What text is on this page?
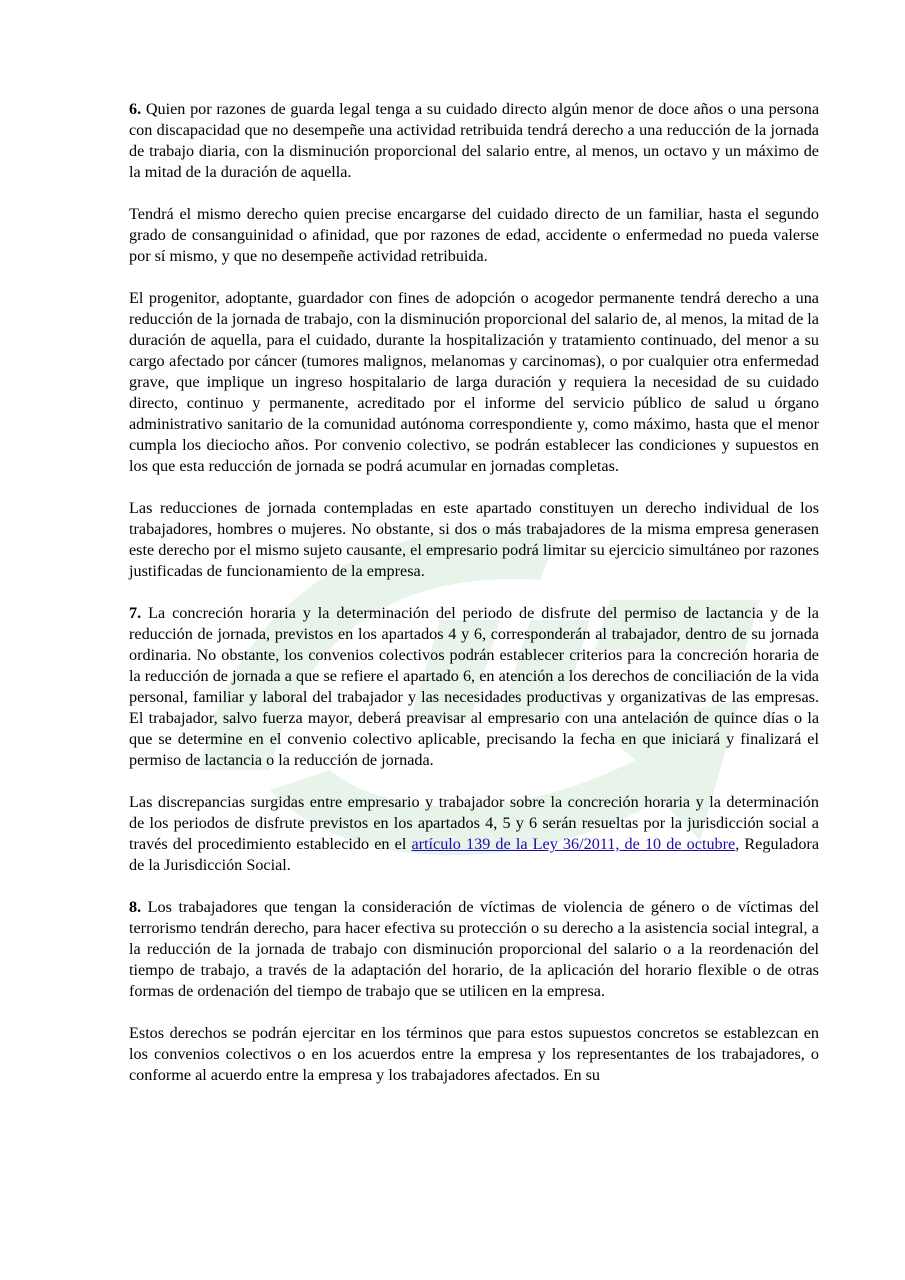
6. Quien por razones de guarda legal tenga a su cuidado directo algún menor de doce años o una persona con discapacidad que no desempeñe una actividad retribuida tendrá derecho a una reducción de la jornada de trabajo diaria, con la disminución proporcional del salario entre, al menos, un octavo y un máximo de la mitad de la duración de aquella.

Tendrá el mismo derecho quien precise encargarse del cuidado directo de un familiar, hasta el segundo grado de consanguinidad o afinidad, que por razones de edad, accidente o enfermedad no pueda valerse por sí mismo, y que no desempeñe actividad retribuida.

El progenitor, adoptante, guardador con fines de adopción o acogedor permanente tendrá derecho a una reducción de la jornada de trabajo, con la disminución proporcional del salario de, al menos, la mitad de la duración de aquella, para el cuidado, durante la hospitalización y tratamiento continuado, del menor a su cargo afectado por cáncer (tumores malignos, melanomas y carcinomas), o por cualquier otra enfermedad grave, que implique un ingreso hospitalario de larga duración y requiera la necesidad de su cuidado directo, continuo y permanente, acreditado por el informe del servicio público de salud u órgano administrativo sanitario de la comunidad autónoma correspondiente y, como máximo, hasta que el menor cumpla los dieciocho años. Por convenio colectivo, se podrán establecer las condiciones y supuestos en los que esta reducción de jornada se podrá acumular en jornadas completas.

Las reducciones de jornada contempladas en este apartado constituyen un derecho individual de los trabajadores, hombres o mujeres. No obstante, si dos o más trabajadores de la misma empresa generasen este derecho por el mismo sujeto causante, el empresario podrá limitar su ejercicio simultáneo por razones justificadas de funcionamiento de la empresa.

7. La concreción horaria y la determinación del periodo de disfrute del permiso de lactancia y de la reducción de jornada, previstos en los apartados 4 y 6, corresponderán al trabajador, dentro de su jornada ordinaria. No obstante, los convenios colectivos podrán establecer criterios para la concreción horaria de la reducción de jornada a que se refiere el apartado 6, en atención a los derechos de conciliación de la vida personal, familiar y laboral del trabajador y las necesidades productivas y organizativas de las empresas. El trabajador, salvo fuerza mayor, deberá preavisar al empresario con una antelación de quince días o la que se determine en el convenio colectivo aplicable, precisando la fecha en que iniciará y finalizará el permiso de lactancia o la reducción de jornada.

Las discrepancias surgidas entre empresario y trabajador sobre la concreción horaria y la determinación de los periodos de disfrute previstos en los apartados 4, 5 y 6 serán resueltas por la jurisdicción social a través del procedimiento establecido en el artículo 139 de la Ley 36/2011, de 10 de octubre, Reguladora de la Jurisdicción Social.

8. Los trabajadores que tengan la consideración de víctimas de violencia de género o de víctimas del terrorismo tendrán derecho, para hacer efectiva su protección o su derecho a la asistencia social integral, a la reducción de la jornada de trabajo con disminución proporcional del salario o a la reordenación del tiempo de trabajo, a través de la adaptación del horario, de la aplicación del horario flexible o de otras formas de ordenación del tiempo de trabajo que se utilicen en la empresa.

Estos derechos se podrán ejercitar en los términos que para estos supuestos concretos se establezcan en los convenios colectivos o en los acuerdos entre la empresa y los representantes de los trabajadores, o conforme al acuerdo entre la empresa y los trabajadores afectados. En su
